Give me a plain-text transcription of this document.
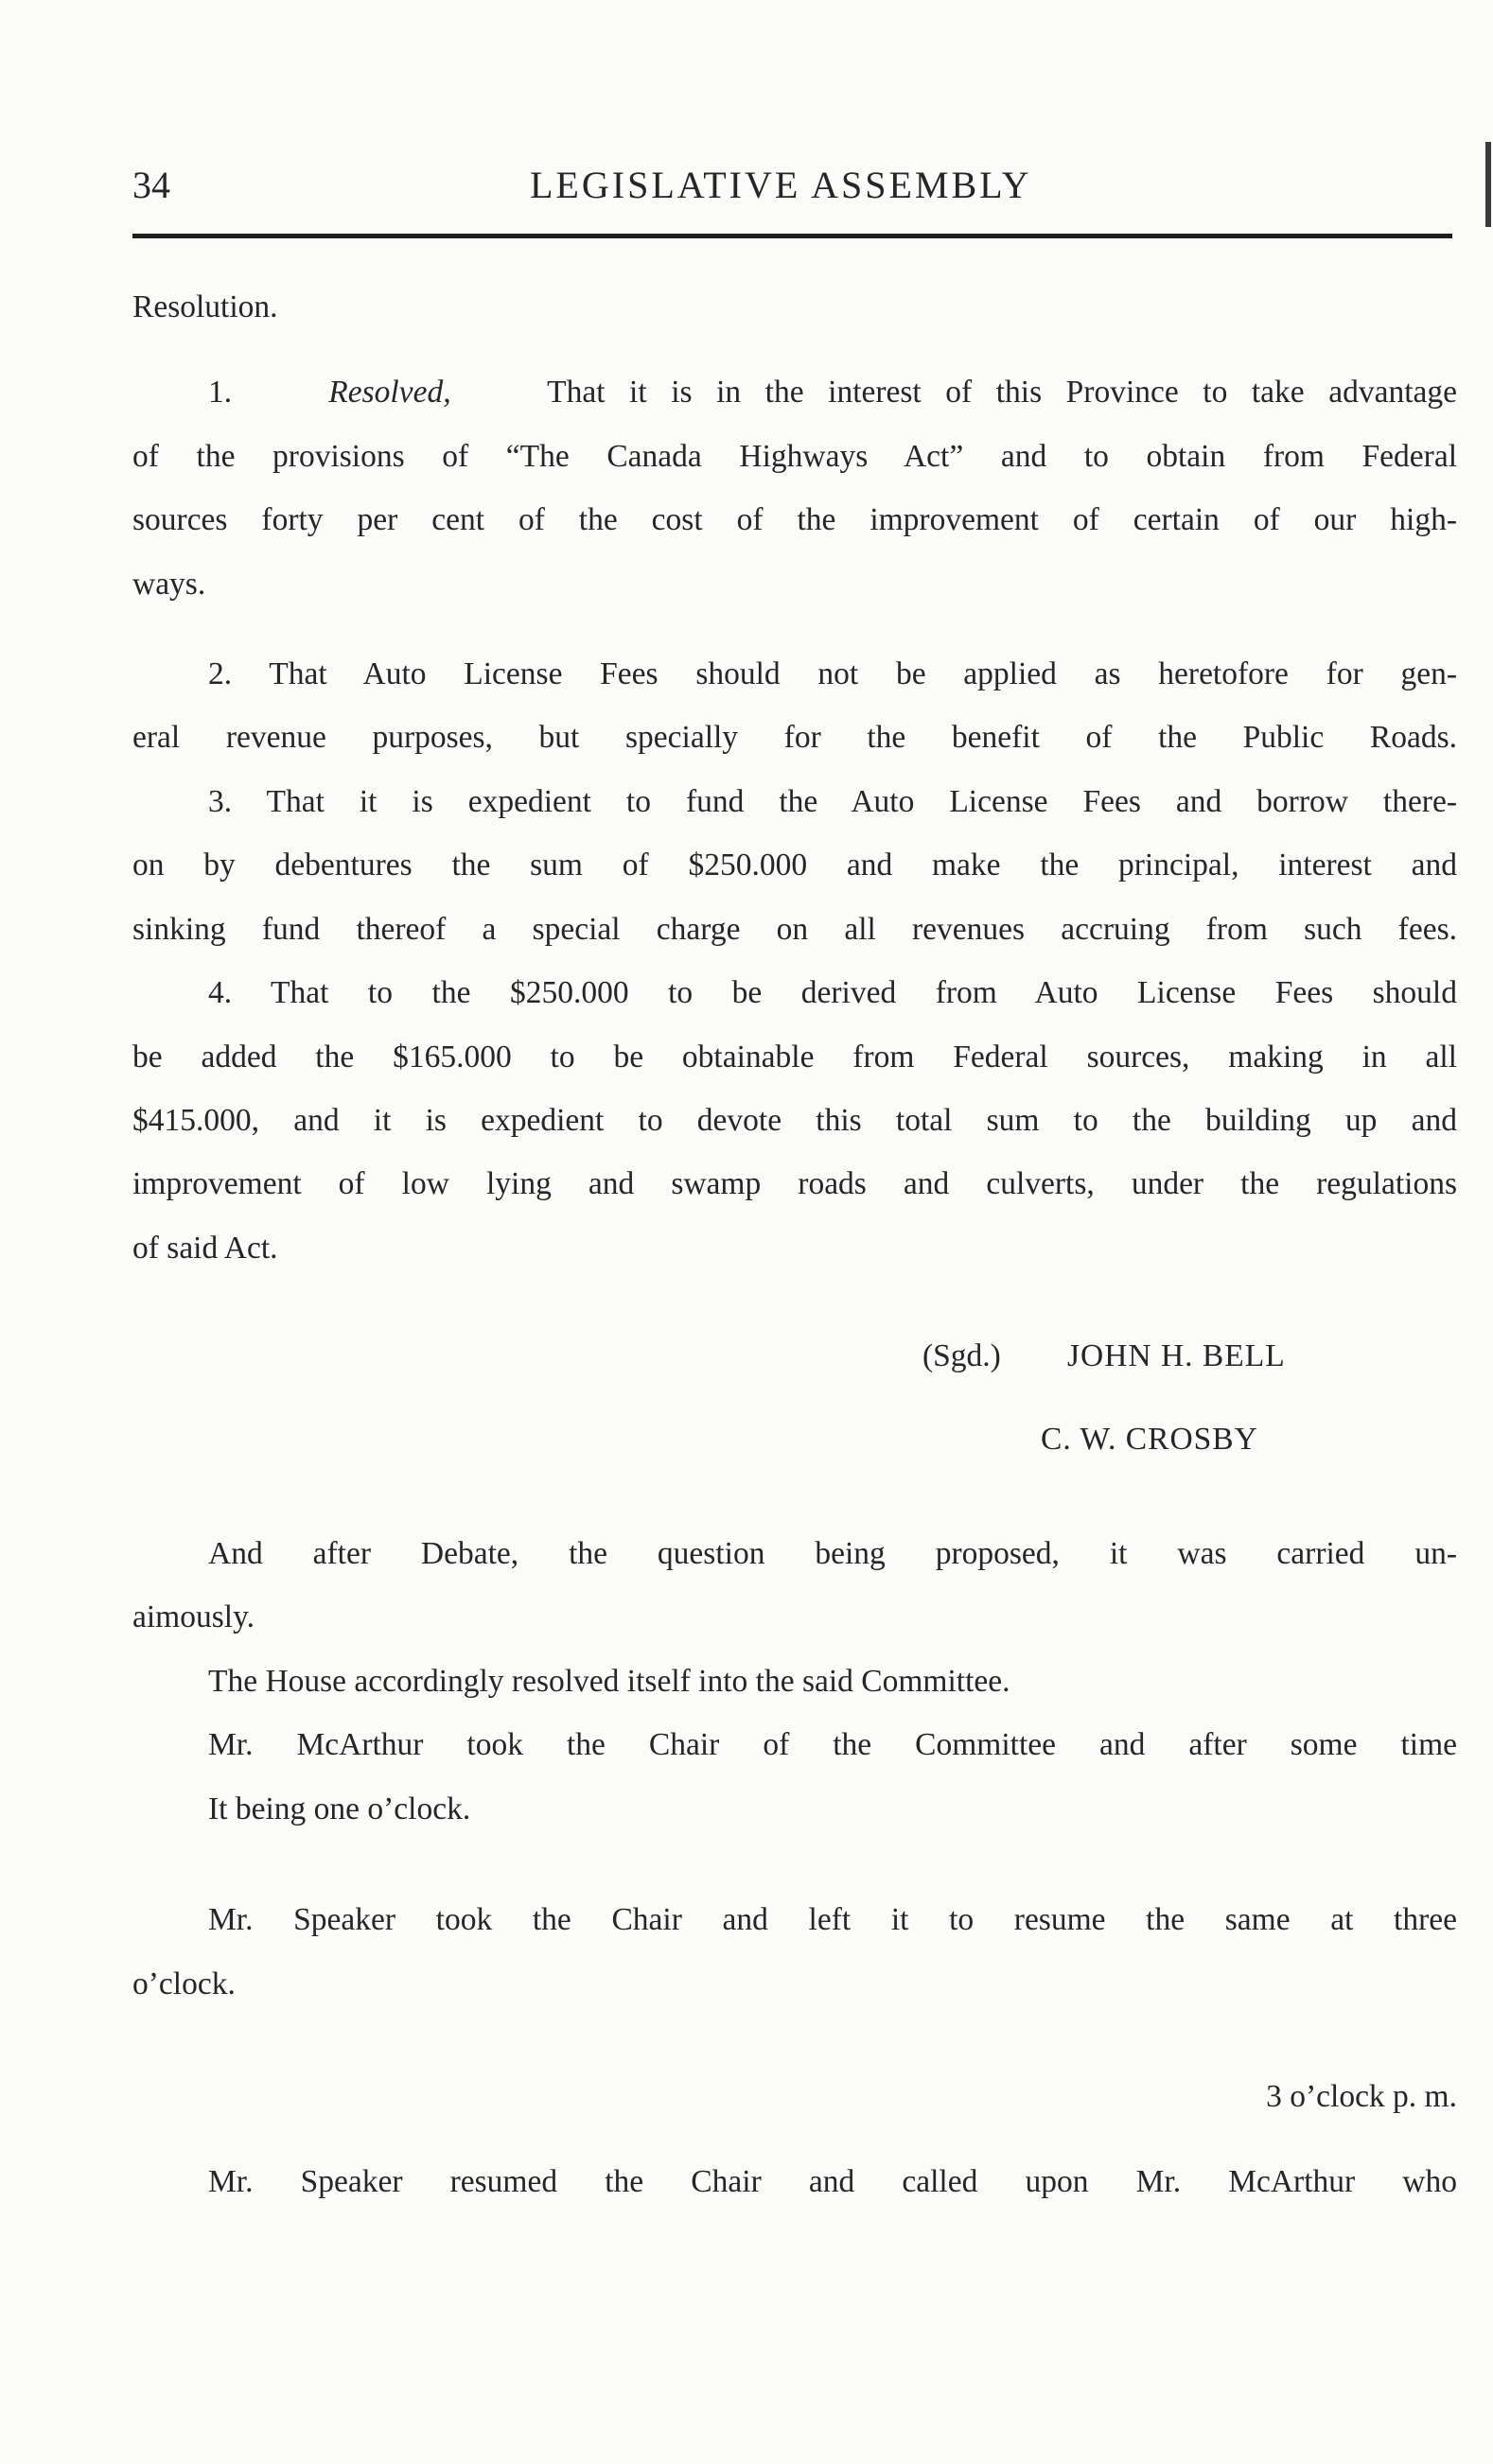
34	LEGISLATIVE ASSEMBLY
Resolution.
1.	Resolved,	That it is in the interest of this Province to take advantage
of the provisions of “The Canada Highways Act” and to obtain from Federal
sources forty per cent of the cost of the improvement of certain of our high-
ways.
2. That Auto License Fees should not be applied as heretofore for gen-
eral revenue purposes, but specially for the benefit of the Public Roads.
3. That it is expedient to fund the Auto License Fees and borrow there-
on by debentures the sum of $250.000 and make the principal, interest and
sinking fund thereof a special charge on all revenues accruing from such fees.
4. That to the $250.000 to be derived from Auto License Fees should
be added the $165.000 to be obtainable from Federal sources, making in all
$415.000, and it is expedient to devote this total sum to the building up and
improvement of low lying and swamp roads and culverts, under the regulations
of said Act.
(Sgd.) JOHN H. BELL
C. W. CROSBY
And after Debate, the question being proposed, it was carried un-
aimously.
The House accordingly resolved itself into the said Committee.
Mr. McArthur took the Chair of the Committee and after some time
It being one o’clock.
Mr. Speaker took the Chair and left it to resume the same at three
o’clock.
3 o’clock p. m.
Mr. Speaker resumed the Chair and called upon Mr. McArthur who
